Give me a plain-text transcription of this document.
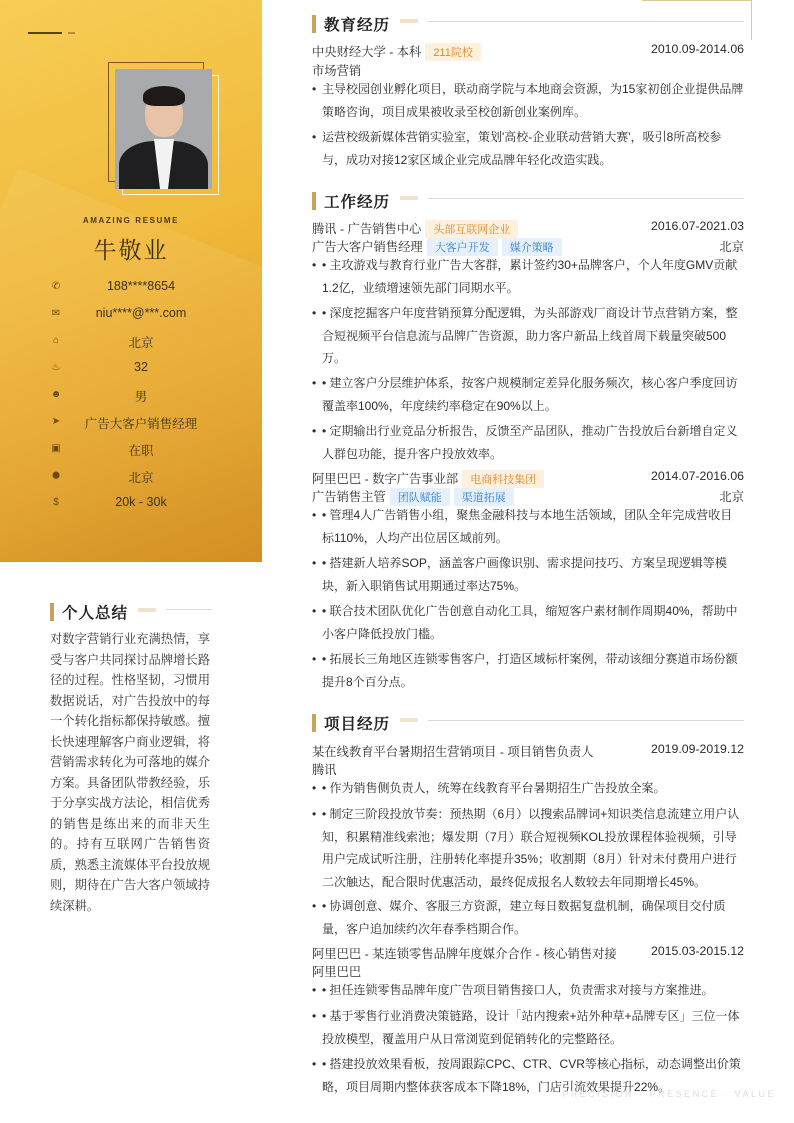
AMAZING RESUME
牛敬业
✆	188****8654
✉	niu****@***.com
⌂	北京
♨	32
☻	男
➤	广告大客户销售经理
▣	在职
⬤	北京
$	20k - 30k
个人总结
对数字营销行业充满热情，享受与客户共同探讨品牌增长路径的过程。性格坚韧，习惯用数据说话，对广告投放中的每一个转化指标都保持敏感。擅长快速理解客户商业逻辑，将营销需求转化为可落地的媒介方案。具备团队带教经验，乐于分享实战方法论，相信优秀的销售是练出来的而非天生的。持有互联网广告销售资质，熟悉主流媒体平台投放规则，期待在广告大客户领域持续深耕。
教育经历
中央财经大学 - 本科 211院校	2010.09-2014.06
市场营销
• 主导校园创业孵化项目，联动商学院与本地商会资源，为15家初创企业提供品牌策略咨询，项目成果被收录至校创新创业案例库。
• 运营校级新媒体营销实验室，策划'高校-企业联动营销大赛'，吸引8所高校参与，成功对接12家区域企业完成品牌年轻化改造实践。
工作经历
腾讯 - 广告销售中心 头部互联网企业	2016.07-2021.03
广告大客户销售经理 大客户开发 媒介策略	北京
• • 主攻游戏与教育行业广告大客群，累计签约30+品牌客户，个人年度GMV贡献1.2亿，业绩增速领先部门同期水平。
• • 深度挖掘客户年度营销预算分配逻辑，为头部游戏厂商设计节点营销方案，整合短视频平台信息流与品牌广告资源，助力客户新品上线首周下载量突破500万。
• • 建立客户分层维护体系，按客户规模制定差异化服务频次，核心客户季度回访覆盖率100%，年度续约率稳定在90%以上。
• • 定期输出行业竞品分析报告，反馈至产品团队，推动广告投放后台新增自定义人群包功能，提升客户投放效率。
阿里巴巴 - 数字广告事业部 电商科技集团	2014.07-2016.06
广告销售主管 团队赋能 渠道拓展	北京
• • 管理4人广告销售小组，聚焦金融科技与本地生活领域，团队全年完成营收目标110%，人均产出位居区域前列。
• • 搭建新人培养SOP，涵盖客户画像识别、需求提问技巧、方案呈现逻辑等模块，新入职销售试用期通过率达75%。
• • 联合技术团队优化广告创意自动化工具，缩短客户素材制作周期40%，帮助中小客户降低投放门槛。
• • 拓展长三角地区连锁零售客户，打造区域标杆案例，带动该细分赛道市场份额提升8个百分点。
项目经历
某在线教育平台暑期招生营销项目 - 项目销售负责人	2019.09-2019.12
腾讯
• • 作为销售侧负责人，统筹在线教育平台暑期招生广告投放全案。
• • 制定三阶段投放节奏：预热期（6月）以搜索品牌词+知识类信息流建立用户认知，积累精准线索池；爆发期（7月）联合短视频KOL投放课程体验视频，引导用户完成试听注册，注册转化率提升35%；收割期（8月）针对未付费用户进行二次触达，配合限时优惠活动，最终促成报名人数较去年同期增长45%。
• • 协调创意、媒介、客服三方资源，建立每日数据复盘机制，确保项目交付质量，客户追加续约次年春季档期合作。
阿里巴巴 - 某连锁零售品牌年度媒介合作 - 核心销售对接	2015.03-2015.12
阿里巴巴
• • 担任连锁零售品牌年度广告项目销售接口人，负责需求对接与方案推进。
• • 基于零售行业消费决策链路，设计「站内搜索+站外种草+品牌专区」三位一体投放模型，覆盖用户从日常浏览到促销转化的完整路径。
• • 搭建投放效果看板，按周跟踪CPC、CTR、CVR等核心指标，动态调整出价策略，项目周期内整体获客成本下降18%，门店引流效果提升22%。
PRECISION · PRESENCE · VALUE
